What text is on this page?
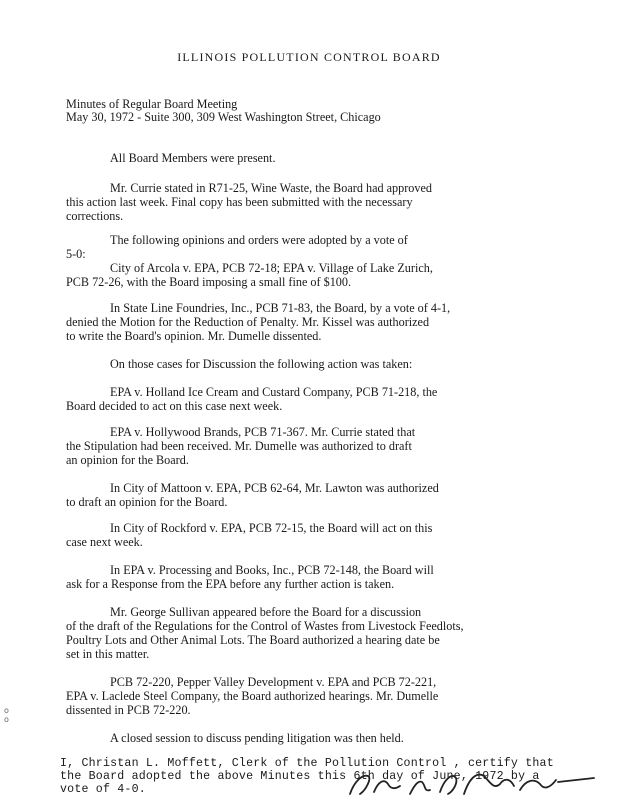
ILLINOIS POLLUTION CONTROL BOARD
Minutes of Regular Board Meeting
May 30, 1972 - Suite 300, 309 West Washington Street, Chicago
All Board Members were present.
Mr. Currie stated in R71-25, Wine Waste, the Board had approved
this action last week. Final copy has been submitted with the necessary
corrections.
The following opinions and orders were adopted by a vote of
5-0:
City of Arcola v. EPA, PCB 72-18; EPA v. Village of Lake Zurich,
PCB 72-26, with the Board imposing a small fine of $100.
In State Line Foundries, Inc., PCB 71-83, the Board, by a vote of 4-1,
denied the Motion for the Reduction of Penalty. Mr. Kissel was authorized
to write the Board's opinion. Mr. Dumelle dissented.
On those cases for Discussion the following action was taken:
EPA v. Holland Ice Cream and Custard Company, PCB 71-218, the
Board decided to act on this case next week.
EPA v. Hollywood Brands, PCB 71-367. Mr. Currie stated that
the Stipulation had been received. Mr. Dumelle was authorized to draft
an opinion for the Board.
In City of Mattoon v. EPA, PCB 62-64, Mr. Lawton was authorized
to draft an opinion for the Board.
In City of Rockford v. EPA, PCB 72-15, the Board will act on this
case next week.
In EPA v. Processing and Books, Inc., PCB 72-148, the Board will
ask for a Response from the EPA before any further action is taken.
Mr. George Sullivan appeared before the Board for a discussion
of the draft of the Regulations for the Control of Wastes from Livestock Feedlots,
Poultry Lots and Other Animal Lots. The Board authorized a hearing date be
set in this matter.
PCB 72-220, Pepper Valley Development v. EPA and PCB 72-221,
EPA v. Laclede Steel Company, the Board authorized hearings. Mr. Dumelle
dissented in PCB 72-220.
A closed session to discuss pending litigation was then held.
I, Christan L. Moffett, Clerk of the Pollution Control , certify that
the Board adopted the above Minutes this 6th day of June, 1972 by a
vote of 4-0.
o
o
